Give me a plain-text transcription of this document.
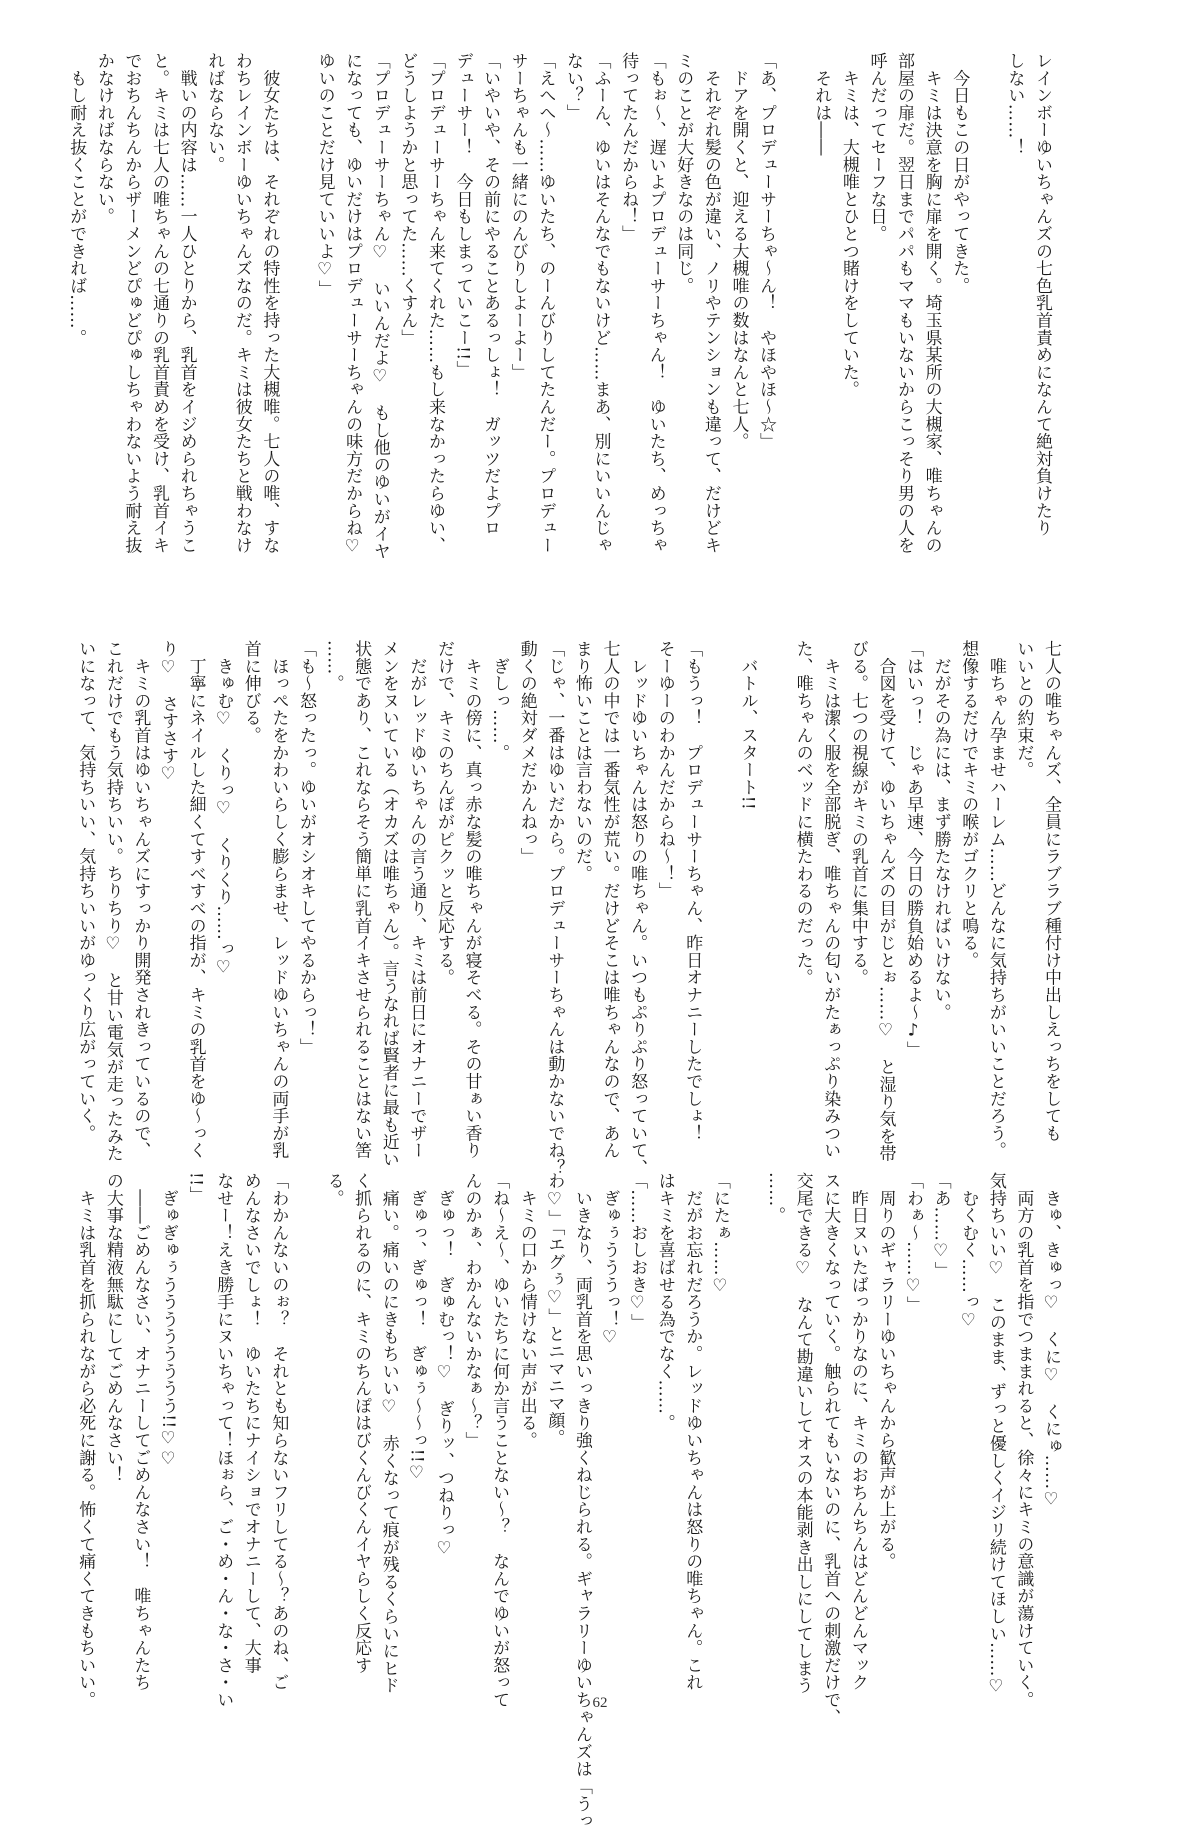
レインボーゆいちゃんズの七色乳首責めになんて絶対負けたり

しない……！

　今日もこの日がやってきた。

　キミは決意を胸に扉を開く。埼玉県某所の大槻家、唯ちゃんの

部屋の扉だ。翌日までパパもママもいないからこっそり男の人を

呼んだってセーフな日。

　キミは、大槻唯とひとつ賭けをしていた。

　それは――

「あ、プロデューサーちゃ～ん！　やほやほ～☆」

　ドアを開くと、迎える大槻唯の数はなんと七人。

　それぞれ髪の色が違い、ノリやテンションも違って、だけどキ

ミのことが大好きなのは同じ。

「もぉ～、遅いよプロデューサーちゃん！　ゆいたち、めっちゃ

待ってたんだからね！」

「ふーん、ゆいはそんなでもないけど……まあ、別にいいんじゃ

ない？」

「えへへ～……ゆいたち、のーんびりしてたんだー。プロデュー

サーちゃんも一緒にのんびりしよーよー」

「いやいや、その前にやることあるっしょ！　ガッツだよプロ

デューサー！　今日もしまっていこー!!」

「プロデューサーちゃん来てくれた……もし来なかったらゆい、

どうしようかと思ってた……くすん」

「プロデューサーちゃん♡　いいんだよ♡　もし他のゆいがイヤ

になっても、ゆいだけはプロデューサーちゃんの味方だからね♡

ゆいのことだけ見ていいよ♡」

　彼女たちは、それぞれの特性を持った大槻唯。七人の唯、すな

わちレインボーゆいちゃんズなのだ。キミは彼女たちと戦わなけ

ればならない。

　戦いの内容は……一人ひとりから、乳首をイジめられちゃうこ

と。キミは七人の唯ちゃんの七通りの乳首責めを受け、乳首イキ

でおちんちんからザーメンどぴゅどぴゅしちゃわないよう耐え抜

かなければならない。

　もし耐え抜くことができれば……。

七人の唯ちゃんズ、全員にラブラブ種付け中出しえっちをしても

いいとの約束だ。

　唯ちゃん孕ませハーレム……どんなに気持ちがいいことだろう。

想像するだけでキミの喉がゴクリと鳴る。

　だがその為には、まず勝たなければいけない。

「はいっ！　じゃあ早速、今日の勝負始めるよ～♪」

　合図を受けて、ゆいちゃんズの目がじとぉ……♡　と湿り気を帯

びる。七つの視線がキミの乳首に集中する。

　キミは潔く服を全部脱ぎ、唯ちゃんの匂いがたぁっぷり染みつい

た、唯ちゃんのベッドに横たわるのだった。

　バトル、スタート!!

「もうっ！　プロデューサーちゃん、昨日オナニーしたでしょ！

そーゆーのわかんだからね～！」

　レッドゆいちゃんは怒りの唯ちゃん。いつもぷりぷり怒っていて、

七人の中では一番気性が荒い。だけどそこは唯ちゃんなので、あん

まり怖いことは言わないのだ。

「じゃ、一番はゆいだから。プロデューサーちゃんは動かないでね？

動くの絶対ダメだかんねっ」

　ぎしっ……。

　キミの傍に、真っ赤な髪の唯ちゃんが寝そべる。その甘ぁい香り

だけで、キミのちんぽがピクッと反応する。

　だがレッドゆいちゃんの言う通り、キミは前日にオナニーでザー

メンをヌいている（オカズは唯ちゃん）。言うなれば賢者に最も近い

状態であり、これならそう簡単に乳首イキさせられることはない筈

……。

「も～怒ったっ。ゆいがオシオキしてやるからっ！」

　ほっぺたをかわいらしく膨らませ、レッドゆいちゃんの両手が乳

首に伸びる。

　きゅむ♡　くりっ♡　くりくり……っ♡

　丁寧にネイルした細くてすべすべの指が、キミの乳首をゆ～っく

り♡　さすさす♡

　キミの乳首はゆいちゃんズにすっかり開発されきっているので、

これだけでもう気持ちいい。ちりちり♡　と甘い電気が走ったみた

いになって、気持ちいい、気持ちいいがゆっくり広がっていく。

　きゅ、きゅっ♡　くに♡　くにゅ……♡

　両方の乳首を指でつままれると、徐々にキミの意識が蕩けていく。

気持ちいい♡　このまま、ずっと優しくイジリ続けてほしい……♡

　むくむく……っ♡

「あ……♡」

「わぁ～……♡」

　周りのギャラリーゆいちゃんから歓声が上がる。

　昨日ヌいたばっかりなのに、キミのおちんちんはどんどんマック

スに大きくなっていく。触られてもいないのに、乳首への刺激だけで、

交尾できる♡　なんて勘違いしてオスの本能剥き出しにしてしまう

……。

「にたぁ……♡

　だがお忘れだろうか。レッドゆいちゃんは怒りの唯ちゃん。これ

はキミを喜ばせる為でなく……。

「……おしおき♡」

　ぎゅぅうううっ！♡

　いきなり、両乳首を思いっきり強くねじられる。ギャラリーゆいちゃんズは「うっ

わ♡」「エグぅ♡」とニマニマ顔。

　キミの口から情けない声が出る。

「ね～え～、ゆいたちに何か言うことない～？　なんでゆいが怒って

んのかぁ、わかんないかなぁ～？」

　ぎゅっ！　ぎゅむっ！♡　ぎりッ、つねりっ♡

　ぎゅっ、ぎゅっ！　ぎゅぅ～～っ!!♡

　痛い。痛いのにきもちいい♡　赤くなって痕が残るくらいにヒド

く抓られるのに、キミのちんぽはびくんびくんイヤらしく反応す

る。

「わかんないのぉ？　それとも知らないフリしてる～？あのね、ご

めんなさいでしょ！　ゆいたちにナイショでオナニーして、大事

なせー！えき勝手にヌいちゃって！ほぉら、ご・め・ん・な・さ・い

!!」

　ぎゅぎゅぅうううううううう!!♡♡

　――ごめんなさい、オナニーしてごめんなさい！　唯ちゃんたち

の大事な精液無駄にしてごめんなさい！

　キミは乳首を抓られながら必死に謝る。怖くて痛くてきもちいい。	62
